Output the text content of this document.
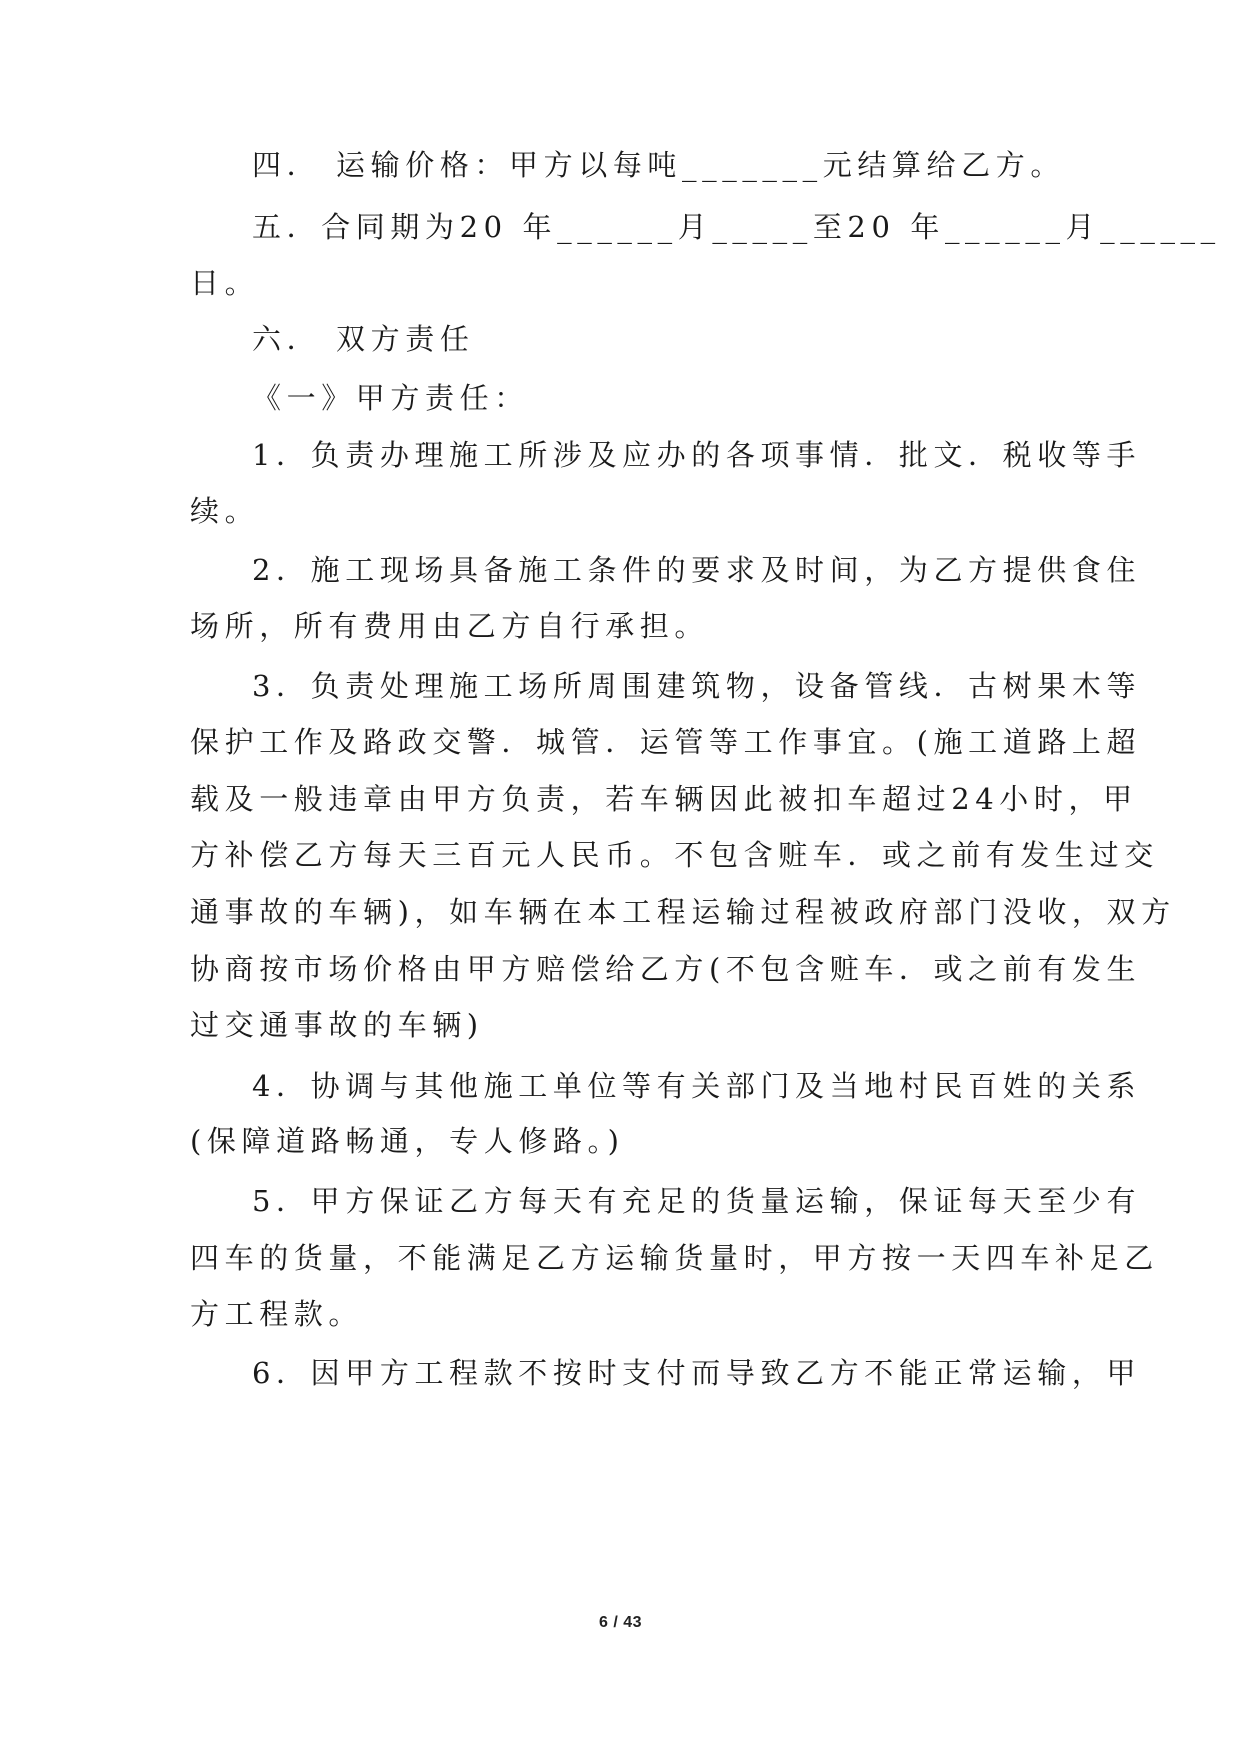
四． 运输价格：甲方以每吨_______元结算给乙方。
五．合同期为20 年______月_____至20 年______月______
日。
六． 双方责任
《一》甲方责任：
1．负责办理施工所涉及应办的各项事情．批文．税收等手
续。
2．施工现场具备施工条件的要求及时间，为乙方提供食住
场所，所有费用由乙方自行承担。
3．负责处理施工场所周围建筑物，设备管线．古树果木等
保护工作及路政交警．城管．运管等工作事宜。(施工道路上超
载及一般违章由甲方负责，若车辆因此被扣车超过24小时，甲
方补偿乙方每天三百元人民币。不包含赃车．或之前有发生过交
通事故的车辆)，如车辆在本工程运输过程被政府部门没收，双方
协商按市场价格由甲方赔偿给乙方(不包含赃车．或之前有发生
过交通事故的车辆)
4．协调与其他施工单位等有关部门及当地村民百姓的关系
(保障道路畅通，专人修路。)
5．甲方保证乙方每天有充足的货量运输，保证每天至少有
四车的货量，不能满足乙方运输货量时，甲方按一天四车补足乙
方工程款。
6．因甲方工程款不按时支付而导致乙方不能正常运输，甲
6 / 43
